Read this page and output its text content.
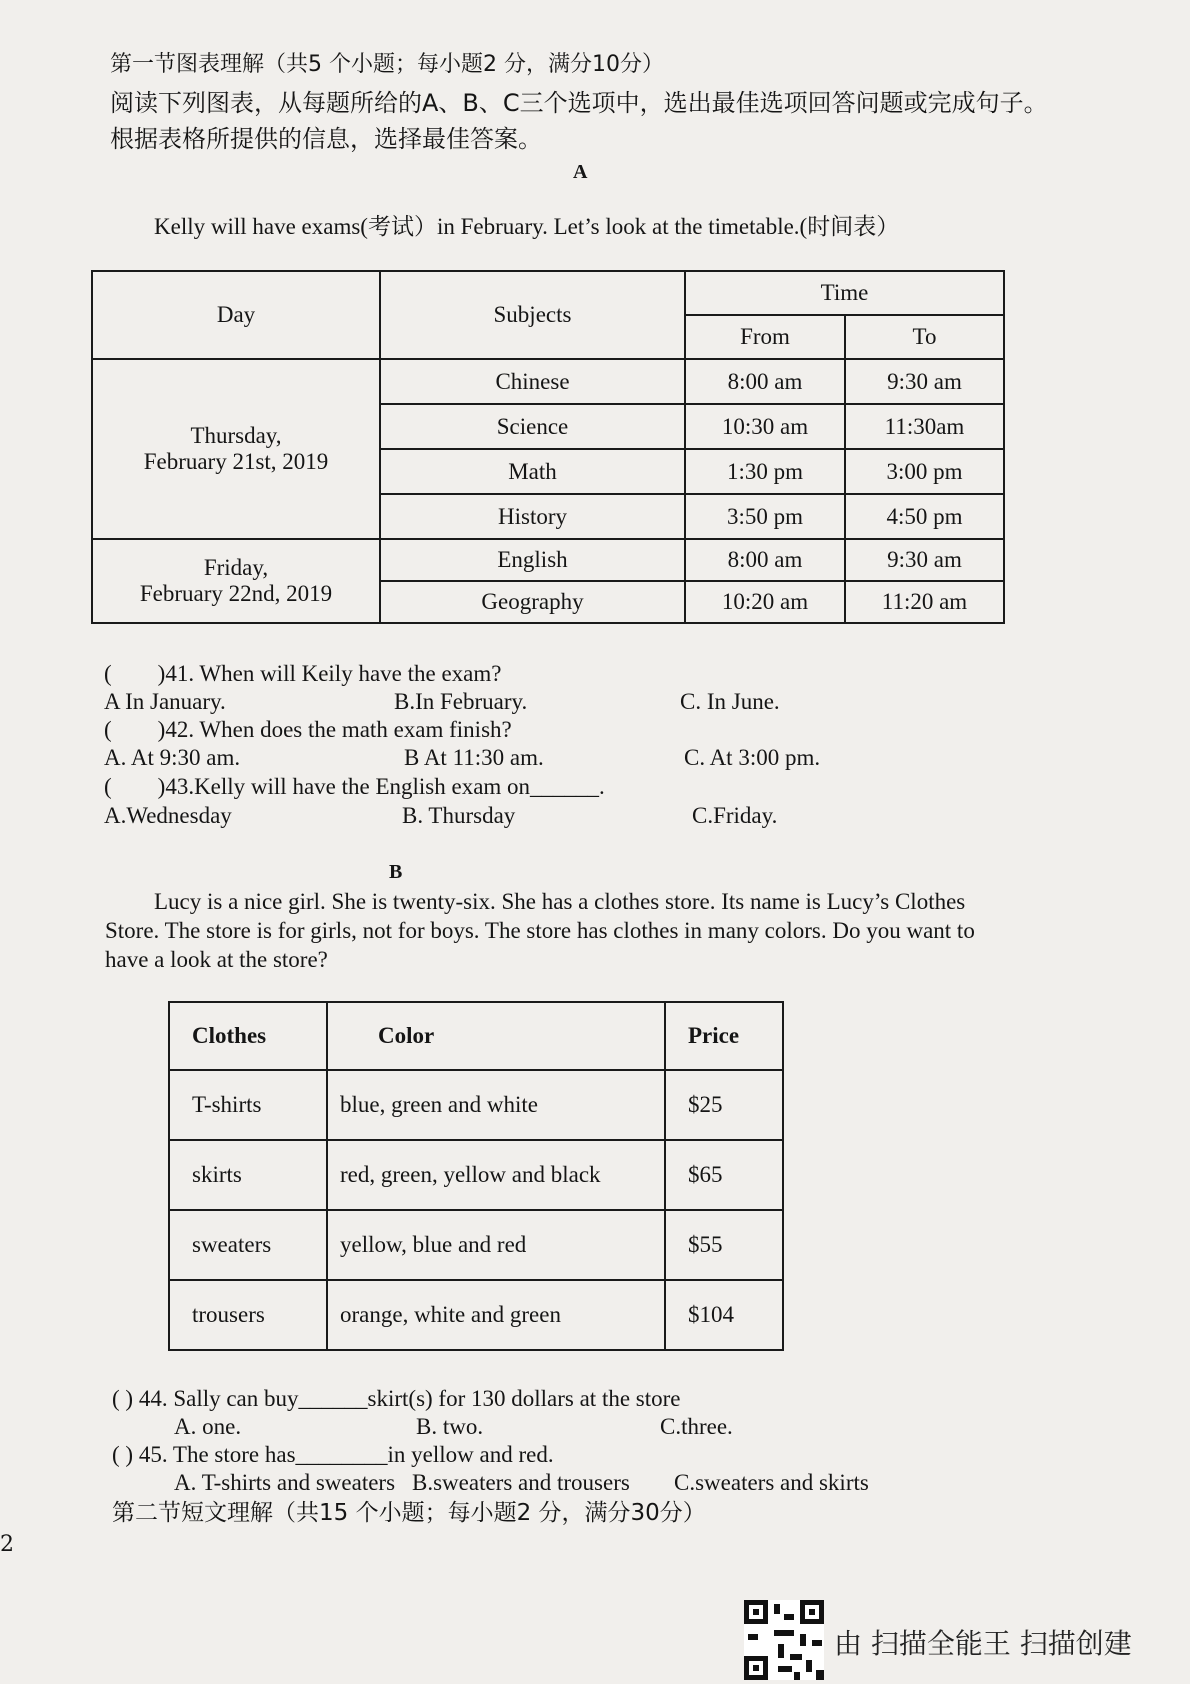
第一节图表理解（共5 个小题；每小题2 分，满分10分）
阅读下列图表，从每题所给的A、B、C三个选项中，选出最佳选项回答问题或完成句子。
根据表格所提供的信息，选择最佳答案。
A
Kelly will have exams(考试）in February. Let’s look at the timetable.(时间表）
Day	Subjects	Time	
		From	To
Thursday,
February 21st, 2019	Chinese	8:00 am	9:30 am
	Science	10:30 am	11:30am
	Math	1:30 pm	3:00 pm
	History	3:50 pm	4:50 pm
Friday,
February 22nd, 2019	English	8:00 am	9:30 am
	Geography	10:20 am	11:20 am
(　　)41. When will Keily have the exam?
A In January.	B.In February.	C. In June.
(　　)42. When does the math exam finish?
A. At 9:30 am.	B At 11:30 am.	C. At 3:00 pm.
(　　)43.Kelly will have the English exam on______.
A.Wednesday	B. Thursday	C.Friday.
B
Lucy is a nice girl. She is twenty-six. She has a clothes store. Its name is Lucy’s Clothes
Store. The store is for girls, not for boys. The store has clothes in many colors. Do you want to
have a look at the store?
Clothes	Color	Price
T-shirts	blue, green and white	$25
skirts	red, green, yellow and black	$65
sweaters	yellow, blue and red	$55
trousers	orange, white and green	$104
( ) 44. Sally can buy______skirt(s) for 130 dollars at the store
A. one.	B. two.	C.three.
( ) 45. The store has________in yellow and red.
A. T-shirts and sweaters B.sweaters and trousers C.sweaters and skirts
第二节短文理解（共15 个小题；每小题2 分，满分30分）
2
由 扫描全能王 扫描创建
